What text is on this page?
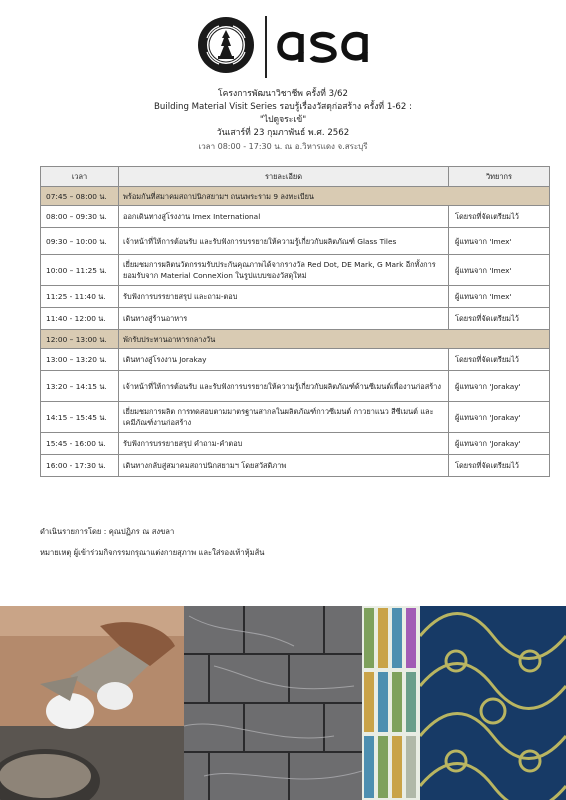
โครงการพัฒนาวิชาชีพ ครั้งที่ 3/62
Building Material Visit Series รอบรู้เรื่องวัสดุก่อสร้าง ครั้งที่ 1-62 :
"ไปดูจระเข้"
วันเสาร์ที่ 23 กุมภาพันธ์ พ.ศ. 2562
เวลา 08:00 - 17:30 น. ณ อ.วิหารแดง จ.สระบุรี
เวลา	รายละเอียด	วิทยากร
07:45 – 08:00 น.	พร้อมกันที่สมาคมสถาปนิกสยามฯ ถนนพระราม 9 ลงทะเบียน	
08:00 – 09:30 น.	ออกเดินทางสู่โรงงาน Imex International	โดยรถที่จัดเตรียมไว้
09:30 – 10:00 น.	เจ้าหน้าที่ให้การต้อนรับ และรับฟังการบรรยายให้ความรู้เกี่ยวกับผลิตภัณฑ์ Glass Tiles	ผู้แทนจาก 'Imex'
10:00 – 11:25 น.	เยี่ยมชมการผลิตนวัตกรรมรับประกันคุณภาพได้จากรางวัล Red Dot, DE Mark, G Mark อีกทั้งการยอมรับจาก Material ConneXion ในรูปแบบของวัสดุใหม่	ผู้แทนจาก 'Imex'
11:25 - 11:40 น.	รับฟังการบรรยายสรุป และถาม-ตอบ	ผู้แทนจาก 'Imex'
11:40 - 12:00 น.	เดินทางสู่ร้านอาหาร	โดยรถที่จัดเตรียมไว้
12:00 – 13:00 น.	พักรับประทานอาหารกลางวัน	
13:00 – 13:20 น.	เดินทางสู่โรงงาน Jorakay	โดยรถที่จัดเตรียมไว้
13:20 – 14:15 น.	เจ้าหน้าที่ให้การต้อนรับ และรับฟังการบรรยายให้ความรู้เกี่ยวกับผลิตภัณฑ์ด้านซีเมนต์เพื่องานก่อสร้าง	ผู้แทนจาก 'Jorakay'
14:15 – 15:45 น.	เยี่ยมชมการผลิต การทดสอบตามมาตรฐานสากลในผลิตภัณฑ์กาวซีเมนต์ กาวยาแนว สีซีเมนต์ และเคมีภัณฑ์งานก่อสร้าง	ผู้แทนจาก 'Jorakay'
15:45 - 16:00 น.	รับฟังการบรรยายสรุป คำถาม-คำตอบ	ผู้แทนจาก 'Jorakay'
16:00 - 17:30 น.	เดินทางกลับสู่สมาคมสถาปนิกสยามฯ โดยสวัสดิภาพ	โดยรถที่จัดเตรียมไว้
ดำเนินรายการโดย : คุณปฏิภร ณ สงขลา
หมายเหตุ ผู้เข้าร่วมกิจกรรมกรุณาแต่งกายสุภาพ และใส่รองเท้าหุ้มส้น
